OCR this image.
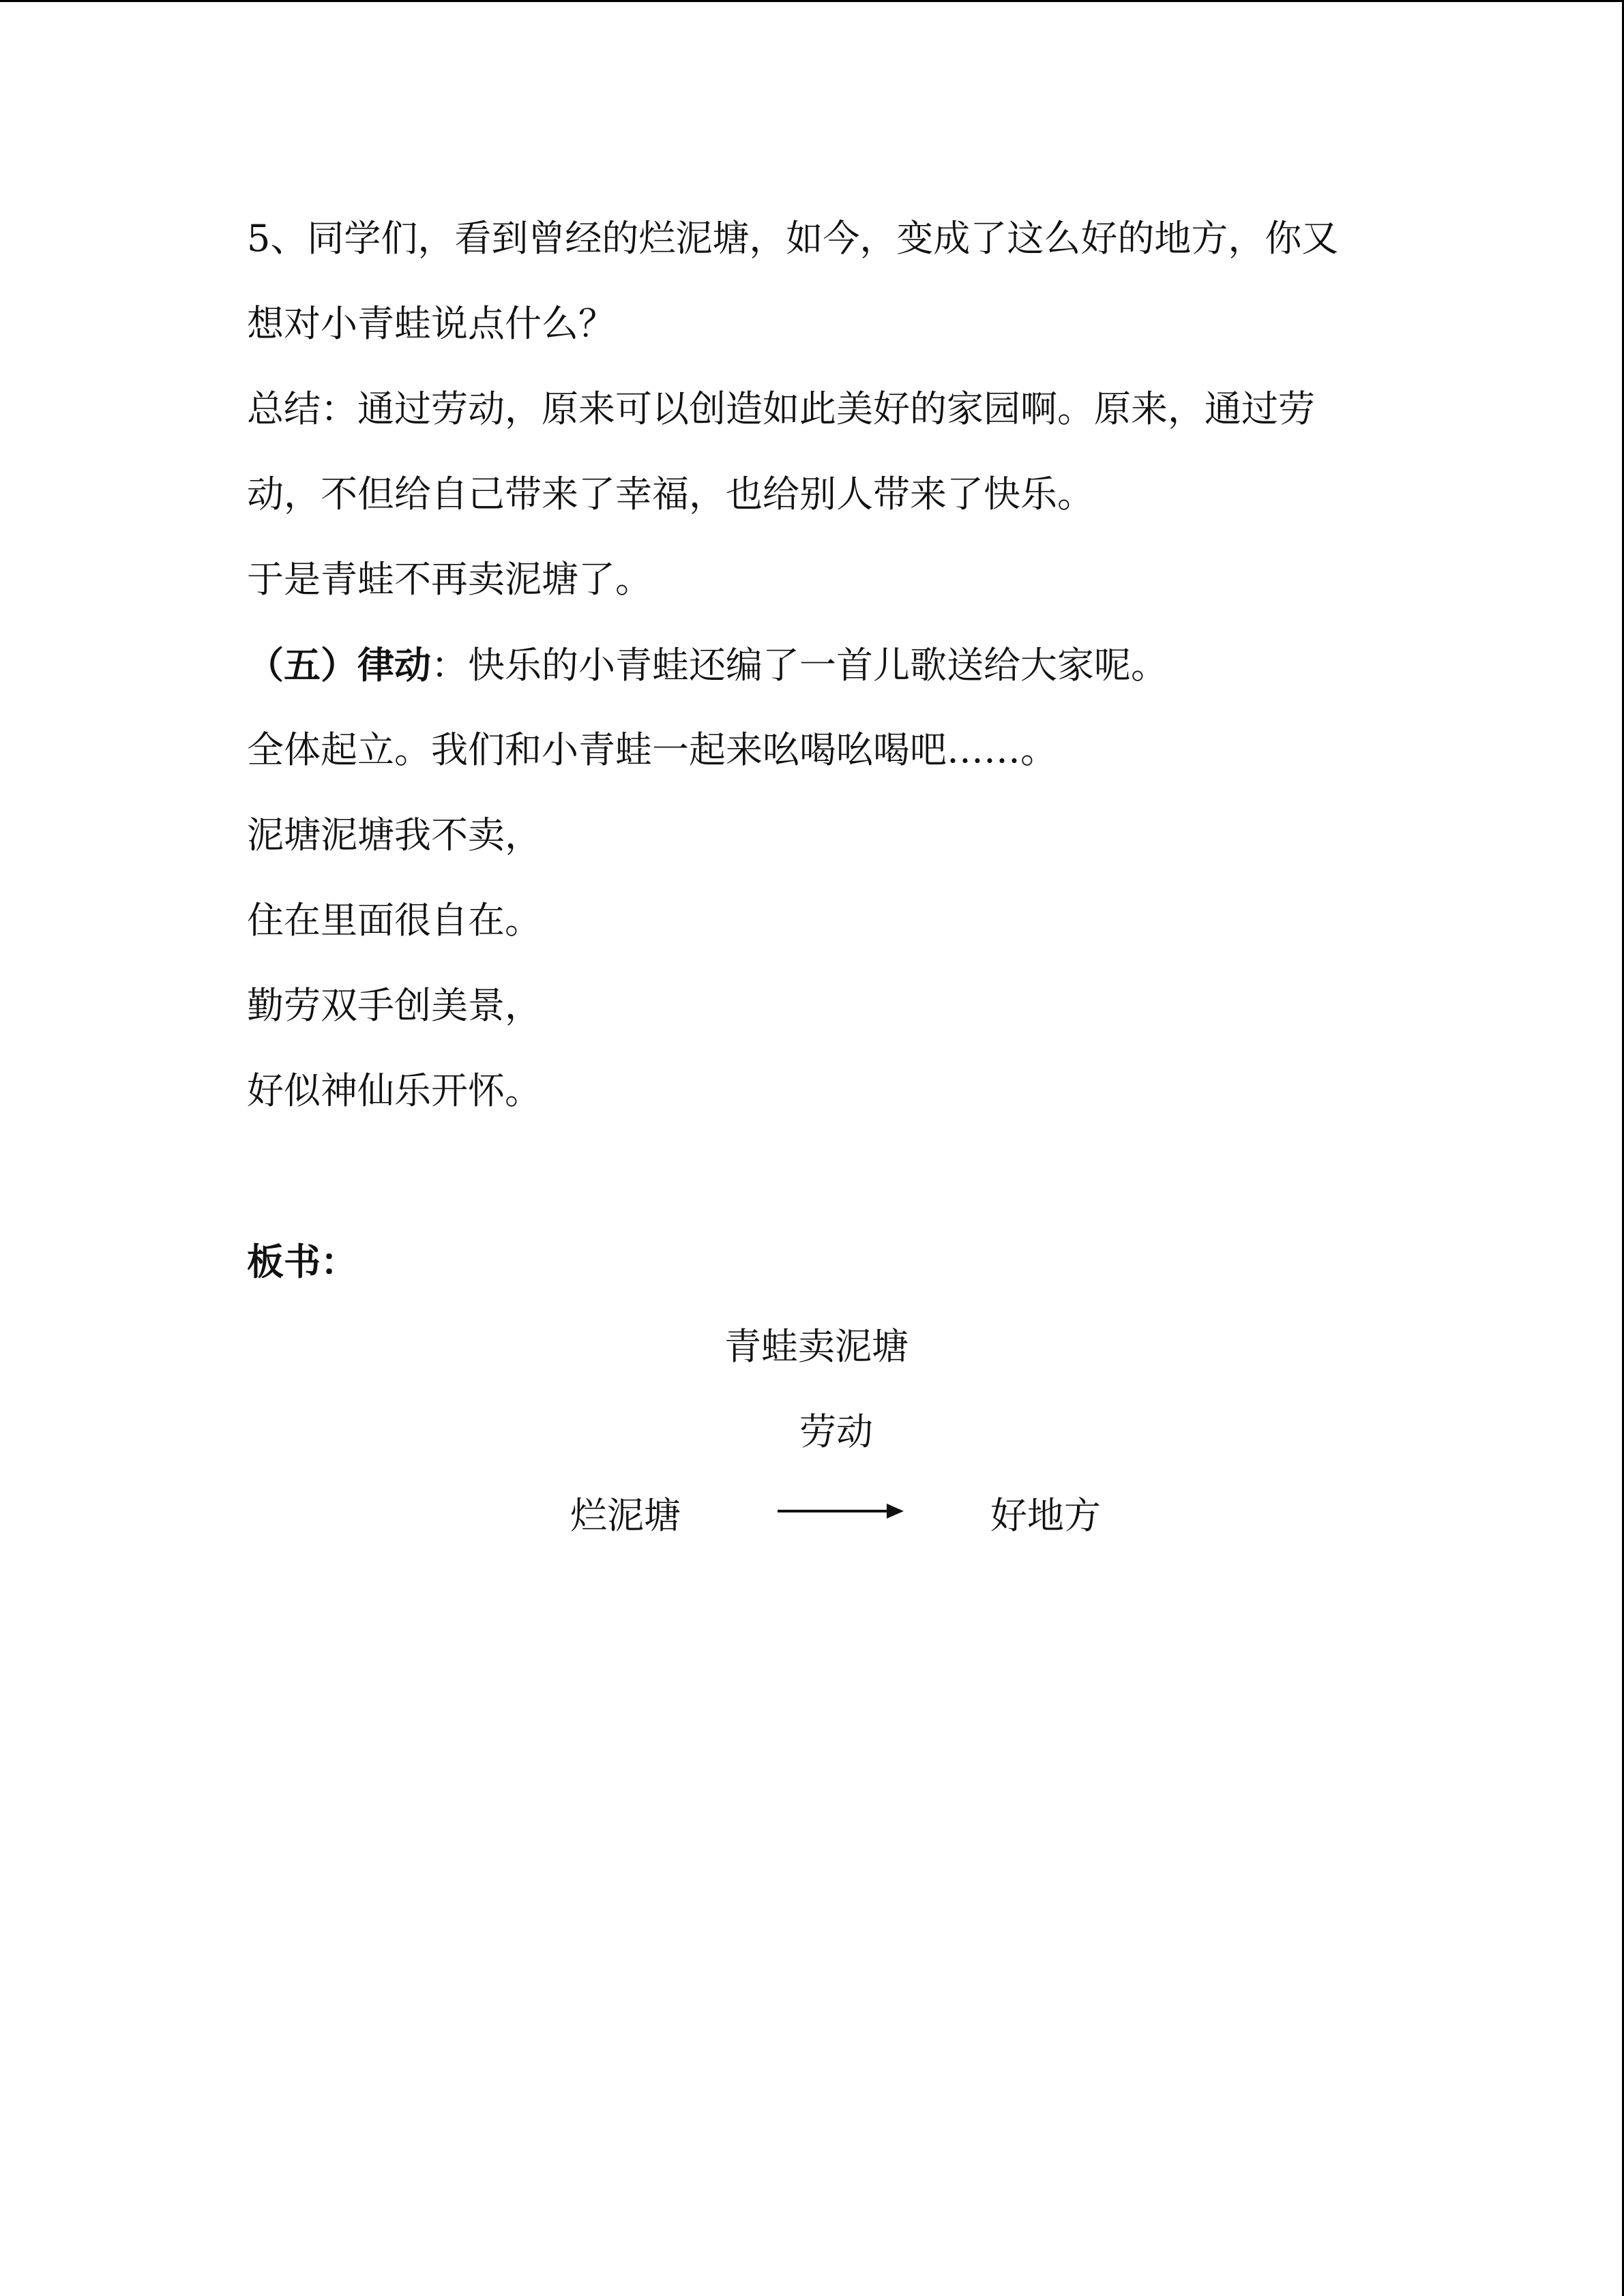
5、同学们，看到曾经的烂泥塘，如今，变成了这么好的地方，你又
想对小青蛙说点什么？
总结：通过劳动，原来可以创造如此美好的家园啊。原来，通过劳
动，不但给自己带来了幸福，也给别人带来了快乐。
于是青蛙不再卖泥塘了。
（五）律动：快乐的小青蛙还编了一首儿歌送给大家呢。
全体起立。我们和小青蛙一起来吆喝吆喝吧……。
泥塘泥塘我不卖，
住在里面很自在。
勤劳双手创美景，
好似神仙乐开怀。
板书：
青蛙卖泥塘
劳动
烂泥塘	好地方
